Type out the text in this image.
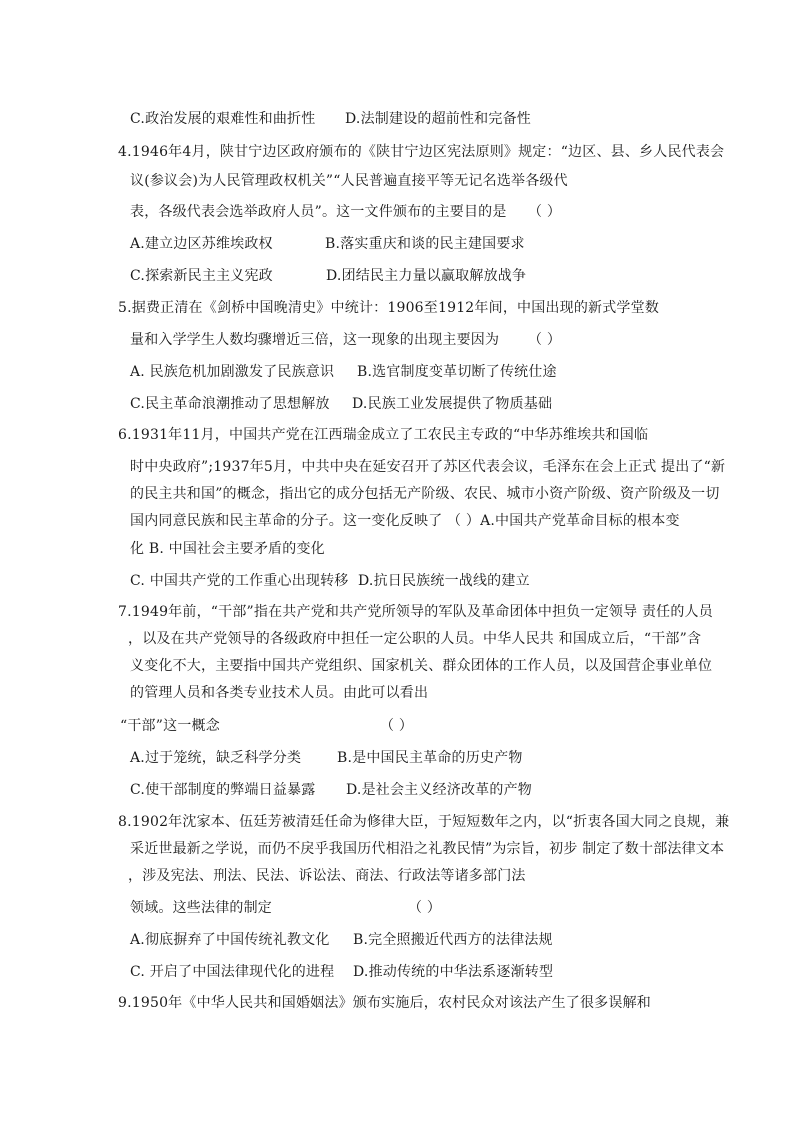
C.政治发展的艰难性和曲折性 D.法制建设的超前性和完备性
4.1946年4月，陕甘宁边区政府颁布的《陕甘宁边区宪法原则》规定：“边区、县、乡人民代表会
议(参议会)为人民管理政权机关”“人民普遍直接平等无记名选举各级代
表，各级代表会选举政府人员”。这一文件颁布的主要目的是 （ ）
A.建立边区苏维埃政权	B.落实重庆和谈的民主建国要求
C.探索新民主主义宪政	D.团结民主力量以赢取解放战争
5.据费正清在《剑桥中国晚清史》中统计：1906至1912年间，中国出现的新式学堂数
量和入学学生人数均骤增近三倍，这一现象的出现主要因为 （ ）
A. 民族危机加剧激发了民族意识 B.选官制度变革切断了传统仕途
C.民主革命浪潮推动了思想解放 D.民族工业发展提供了物质基础
6.1931年11月，中国共产党在江西瑞金成立了工农民主专政的“中华苏维埃共和国临
时中央政府”;1937年5月，中共中央在延安召开了苏区代表会议，毛泽东在会上正式 提出了“新
的民主共和国”的概念，指出它的成分包括无产阶级、农民、城市小资产阶级、资产阶级及一切
国内同意民族和民主革命的分子。这一变化反映了 （ ）A.中国共产党革命目标的根本变
化 B. 中国社会主要矛盾的变化
C. 中国共产党的工作重心出现转移 D.抗日民族统一战线的建立
7.1949年前，“干部”指在共产党和共产党所领导的军队及革命团体中担负一定领导 责任的人员
，以及在共产党领导的各级政府中担任一定公职的人员。中华人民共 和国成立后，“干部”含
义变化不大，主要指中国共产党组织、国家机关、群众团体的工作人员，以及国营企事业单位
的管理人员和各类专业技术人员。由此可以看出
“干部”这一概念	（ ）
A.过于笼统，缺乏科学分类	B.是中国民主革命的历史产物
C.使干部制度的弊端日益暴露 D.是社会主义经济改革的产物
8.1902年沈家本、伍廷芳被清廷任命为修律大臣，于短短数年之内，以“折衷各国大同之良规，兼
采近世最新之学说，而仍不戾乎我国历代相沿之礼教民情”为宗旨，初步 制定了数十部法律文本
，涉及宪法、刑法、民法、诉讼法、商法、行政法等诸多部门法
领域。这些法律的制定	（ ）
A.彻底摒弃了中国传统礼教文化 B.完全照搬近代西方的法律法规
C. 开启了中国法律现代化的进程 D.推动传统的中华法系逐渐转型
9.1950年《中华人民共和国婚姻法》颁布实施后，农村民众对该法产生了很多误解和
